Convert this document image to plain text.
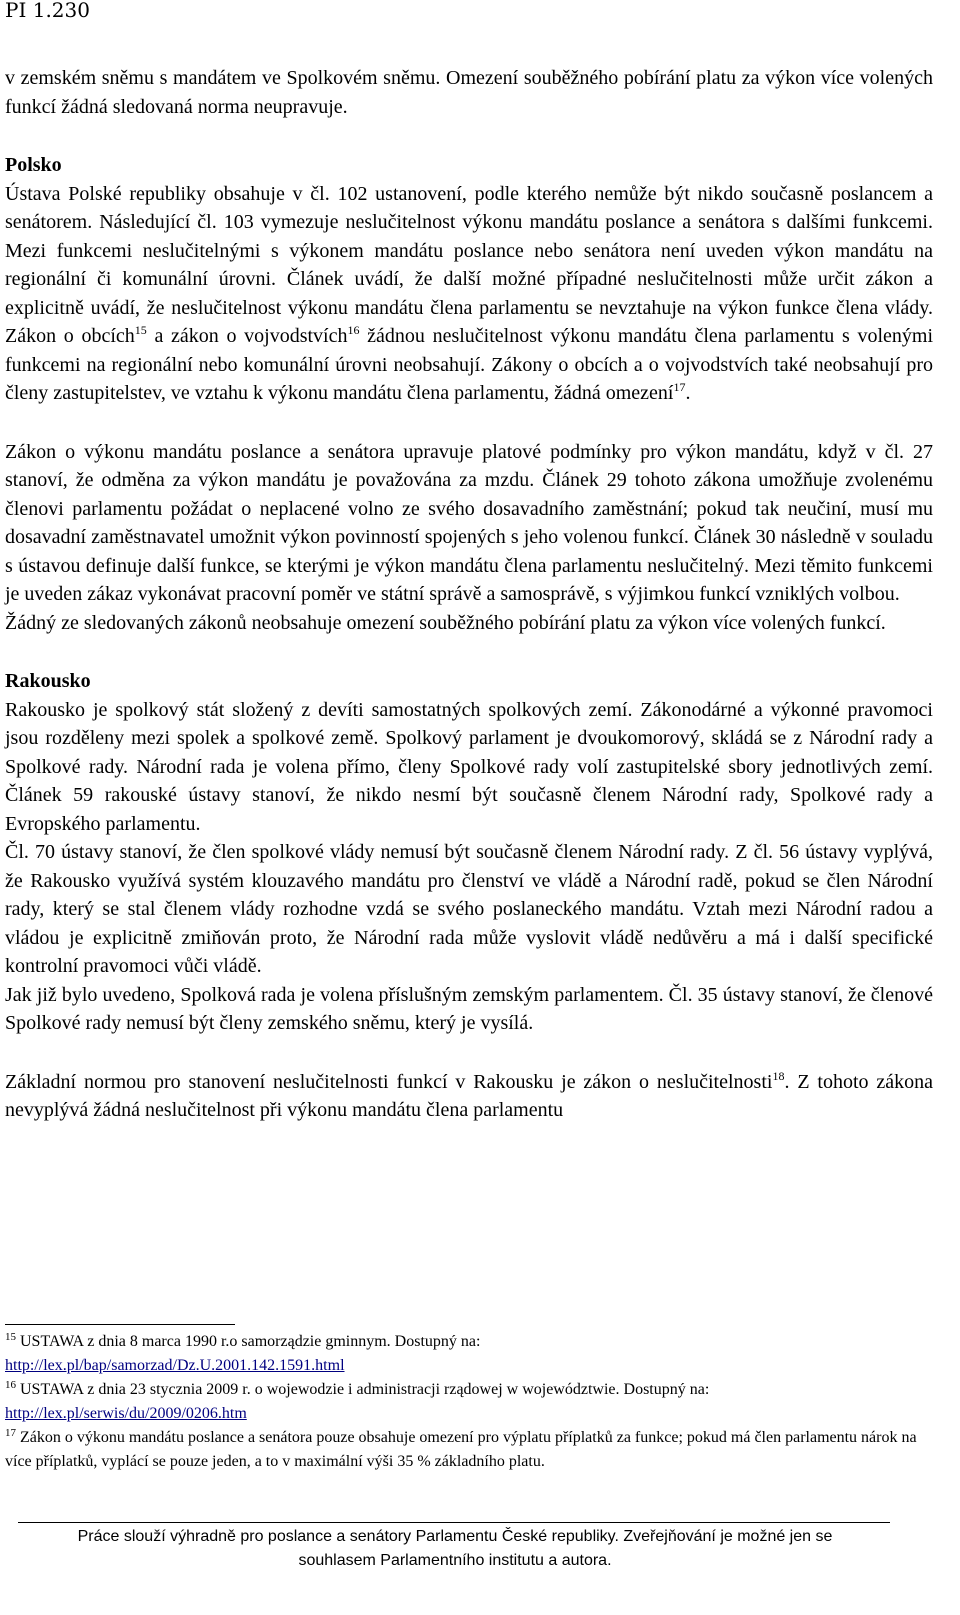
PI 1.230

v zemském sněmu s mandátem ve Spolkovém sněmu. Omezení souběžného pobírání platu za výkon více volených funkcí žádná sledovaná norma neupravuje.

Polsko

Ústava Polské republiky obsahuje v čl. 102 ustanovení, podle kterého nemůže být nikdo současně poslancem a senátorem. Následující čl. 103 vymezuje neslučitelnost výkonu mandátu poslance a senátora s dalšími funkcemi. Mezi funkcemi neslučitelnými s výkonem mandátu poslance nebo senátora není uveden výkon mandátu na regionální či komunální úrovni. Článek uvádí, že další možné případné neslučitelnosti může určit zákon a explicitně uvádí, že neslučitelnost výkonu mandátu člena parlamentu se nevztahuje na výkon funkce člena vlády. Zákon o obcích$^{15}$ a zákon o vojvodstvích$^{16}$ žádnou neslučitelnost výkonu mandátu člena parlamentu s volenými funkcemi na regionální nebo komunální úrovni neobsahují. Zákony o obcích a o vojvodstvích také neobsahují pro členy zastupitelstev, ve vztahu k výkonu mandátu člena parlamentu, žádná omezení$^{17}$.

Zákon o výkonu mandátu poslance a senátora upravuje platové podmínky pro výkon mandátu, když v čl. 27 stanoví, že odměna za výkon mandátu je považována za mzdu. Článek 29 tohoto zákona umožňuje zvolenému členovi parlamentu požádat o neplacené volno ze svého dosavadního zaměstnání; pokud tak neučiní, musí mu dosavadní zaměstnavatel umožnit výkon povinností spojených s jeho volenou funkcí. Článek 30 následně v souladu s ústavou definuje další funkce, se kterými je výkon mandátu člena parlamentu neslučitelný. Mezi těmito funkcemi je uveden zákaz vykonávat pracovní poměr ve státní správě a samosprávě, s výjimkou funkcí vzniklých volbou.

Žádný ze sledovaných zákonů neobsahuje omezení souběžného pobírání platu za výkon více volených funkcí.

Rakousko

Rakousko je spolkový stát složený z devíti samostatných spolkových zemí. Zákonodárné a výkonné pravomoci jsou rozděleny mezi spolek a spolkové země. Spolkový parlament je dvoukomorový, skládá se z Národní rady a Spolkové rady. Národní rada je volena přímo, členy Spolkové rady volí zastupitelské sbory jednotlivých zemí. Článek 59 rakouské ústavy stanoví, že nikdo nesmí být současně členem Národní rady, Spolkové rady a Evropského parlamentu.

Čl. 70 ústavy stanoví, že člen spolkové vlády nemusí být současně členem Národní rady. Z čl. 56 ústavy vyplývá, že Rakousko využívá systém klouzavého mandátu pro členství ve vládě a Národní radě, pokud se člen Národní rady, který se stal členem vlády rozhodne vzdá se svého poslaneckého mandátu. Vztah mezi Národní radou a vládou je explicitně zmiňován proto, že Národní rada může vyslovit vládě nedůvěru a má i další specifické kontrolní pravomoci vůči vládě.

Jak již bylo uvedeno, Spolková rada je volena příslušným zemským parlamentem. Čl. 35 ústavy stanoví, že členové Spolkové rady nemusí být členy zemského sněmu, který je vysílá.

Základní normou pro stanovení neslučitelnosti funkcí v Rakousku je zákon o neslučitelnosti$^{18}$. Z tohoto zákona nevyplývá žádná neslučitelnost při výkonu mandátu člena parlamentu

$^{15}$ USTAWA z dnia 8 marca 1990 r.o samorządzie gminnym. Dostupný na:

http://lex.pl/bap/samorzad/Dz.U.2001.142.1591.html

$^{16}$ USTAWA z dnia 23 stycznia 2009 r. o wojewodzie i administracji rządowej w województwie. Dostupný na:

http://lex.pl/serwis/du/2009/0206.htm

$^{17}$ Zákon o výkonu mandátu poslance a senátora pouze obsahuje omezení pro výplatu příplatků za funkce; pokud má člen parlamentu nárok na více příplatků, vyplácí se pouze jeden, a to v maximální výši 35 % základního platu.

Práce slouží výhradně pro poslance a senátory Parlamentu České republiky. Zveřejňování je možné jen se
souhlasem Parlamentního institutu a autora.
